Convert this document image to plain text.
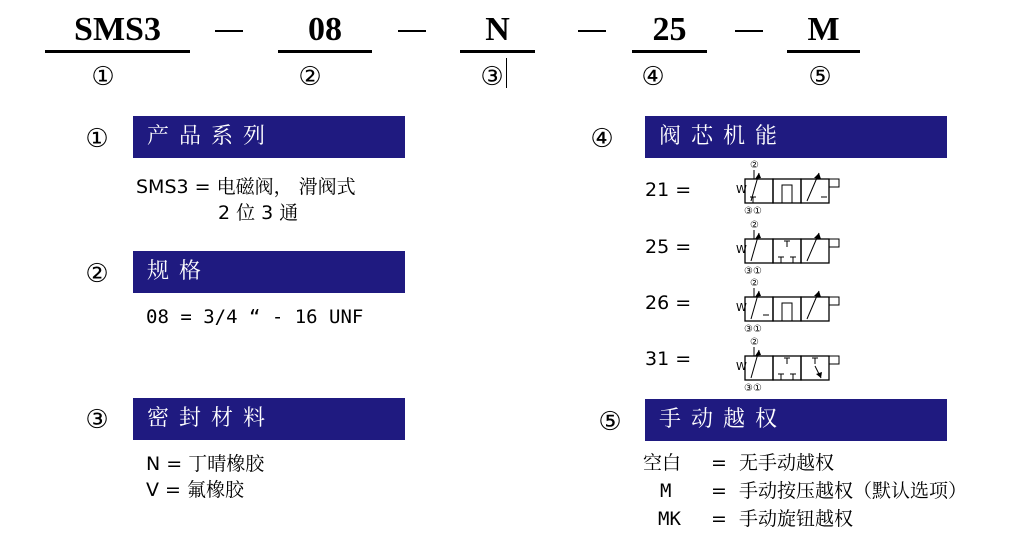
SMS3	08	N	25	M
①	②	③	④	⑤
①	产品系列
SMS3 = 电磁阀， 滑阀式
2 位 3 通
②	规格
08 = 3/4 “ - 16 UNF
③	密封材料
N = 丁晴橡胶
V = 氟橡胶
④	阀芯机能
21 =
②
W
③①
25 =
②
W
③①
26 =
②
W
③①
31 =
②
W
③①
⑤	手动越权
空白 = 无手动越权
M = 手动按压越权（默认选项）
MK = 手动旋钮越权
